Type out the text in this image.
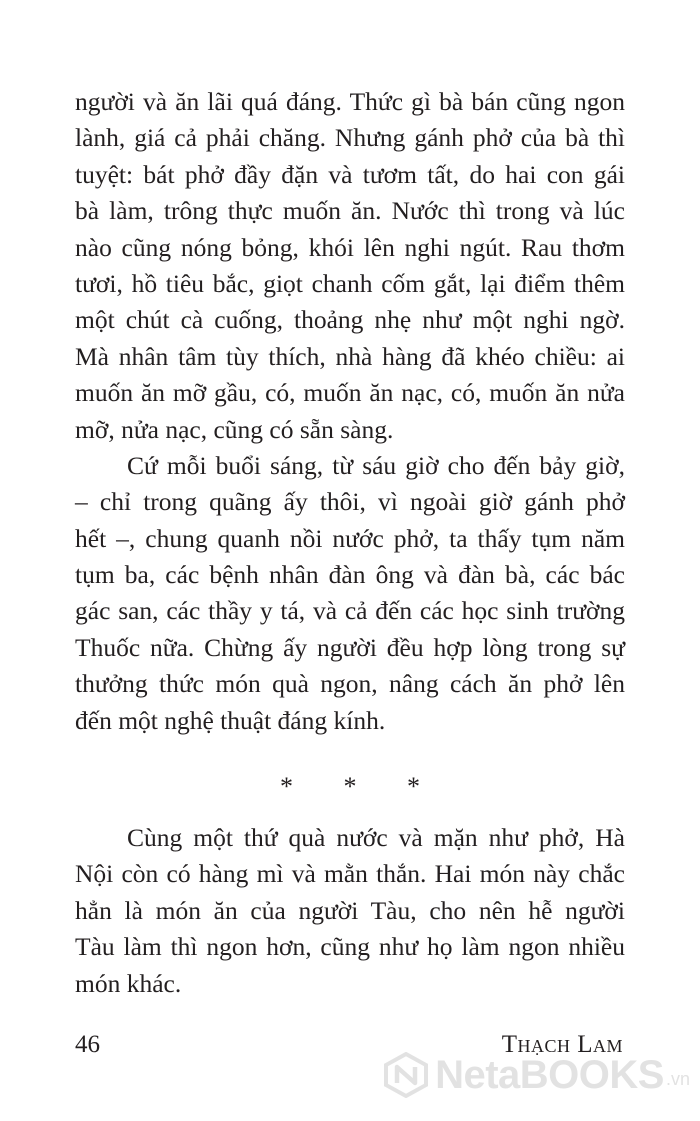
người và ăn lãi quá đáng. Thức gì bà bán cũng ngon
lành, giá cả phải chăng. Nhưng gánh phở của bà thì
tuyệt: bát phở đầy đặn và tươm tất, do hai con gái
bà làm, trông thực muốn ăn. Nước thì trong và lúc
nào cũng nóng bỏng, khói lên nghi ngút. Rau thơm
tươi, hồ tiêu bắc, giọt chanh cốm gắt, lại điểm thêm
một chút cà cuống, thoảng nhẹ như một nghi ngờ.
Mà nhân tâm tùy thích, nhà hàng đã khéo chiều: ai
muốn ăn mỡ gầu, có, muốn ăn nạc, có, muốn ăn nửa
mỡ, nửa nạc, cũng có sẵn sàng.
Cứ mỗi buổi sáng, từ sáu giờ cho đến bảy giờ,
– chỉ trong quãng ấy thôi, vì ngoài giờ gánh phở
hết –, chung quanh nồi nước phở, ta thấy tụm năm
tụm ba, các bệnh nhân đàn ông và đàn bà, các bác
gác san, các thầy y tá, và cả đến các học sinh trường
Thuốc nữa. Chừng ấy người đều hợp lòng trong sự
thưởng thức món quà ngon, nâng cách ăn phở lên
đến một nghệ thuật đáng kính.
* * *
Cùng một thứ quà nước và mặn như phở, Hà
Nội còn có hàng mì và mằn thắn. Hai món này chắc
hẳn là món ăn của người Tàu, cho nên hễ người
Tàu làm thì ngon hơn, cũng như họ làm ngon nhiều
món khác.
46	Thạch Lam
NetaBOOKS .vn
